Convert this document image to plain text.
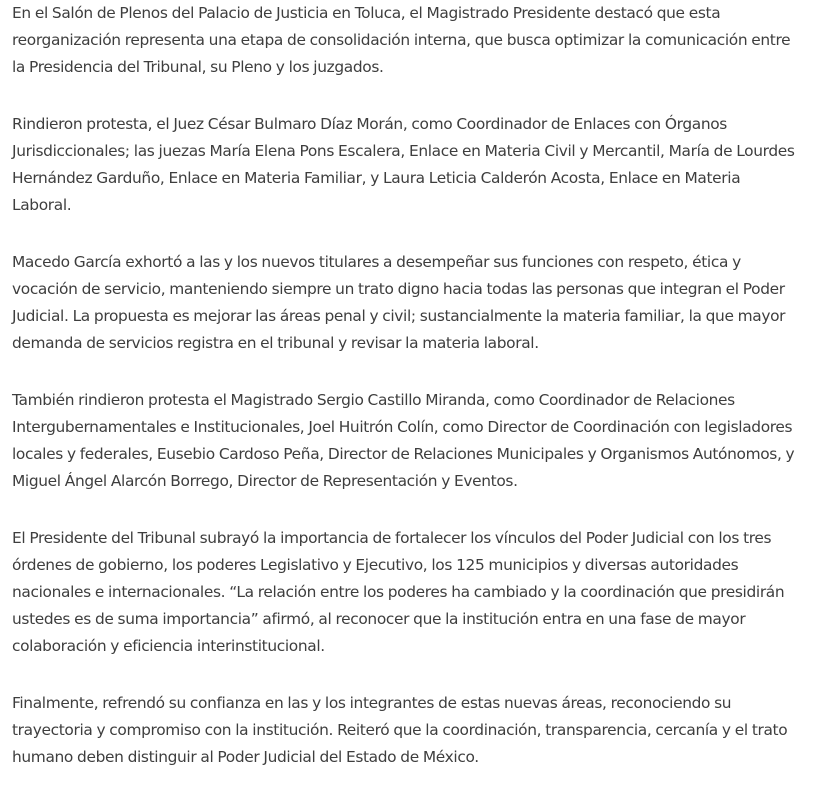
En el Salón de Plenos del Palacio de Justicia en Toluca, el Magistrado Presidente destacó que esta reorganización representa una etapa de consolidación interna, que busca optimizar la comunicación entre la Presidencia del Tribunal, su Pleno y los juzgados.

Rindieron protesta, el Juez César Bulmaro Díaz Morán, como Coordinador de Enlaces con Órganos Jurisdiccionales; las juezas María Elena Pons Escalera, Enlace en Materia Civil y Mercantil, María de Lourdes Hernández Garduño, Enlace en Materia Familiar, y Laura Leticia Calderón Acosta, Enlace en Materia Laboral.

Macedo García exhortó a las y los nuevos titulares a desempeñar sus funciones con respeto, ética y vocación de servicio, manteniendo siempre un trato digno hacia todas las personas que integran el Poder Judicial. La propuesta es mejorar las áreas penal y civil; sustancialmente la materia familiar, la que mayor demanda de servicios registra en el tribunal y revisar la materia laboral.

También rindieron protesta el Magistrado Sergio Castillo Miranda, como Coordinador de Relaciones Intergubernamentales e Institucionales, Joel Huitrón Colín, como Director de Coordinación con legisladores locales y federales, Eusebio Cardoso Peña, Director de Relaciones Municipales y Organismos Autónomos, y Miguel Ángel Alarcón Borrego, Director de Representación y Eventos.

El Presidente del Tribunal subrayó la importancia de fortalecer los vínculos del Poder Judicial con los tres órdenes de gobierno, los poderes Legislativo y Ejecutivo, los 125 municipios y diversas autoridades nacionales e internacionales. “La relación entre los poderes ha cambiado y la coordinación que presidirán ustedes es de suma importancia” afirmó, al reconocer que la institución entra en una fase de mayor colaboración y eficiencia interinstitucional.

Finalmente, refrendó su confianza en las y los integrantes de estas nuevas áreas, reconociendo su trayectoria y compromiso con la institución. Reiteró que la coordinación, transparencia, cercanía y el trato humano deben distinguir al Poder Judicial del Estado de México.
